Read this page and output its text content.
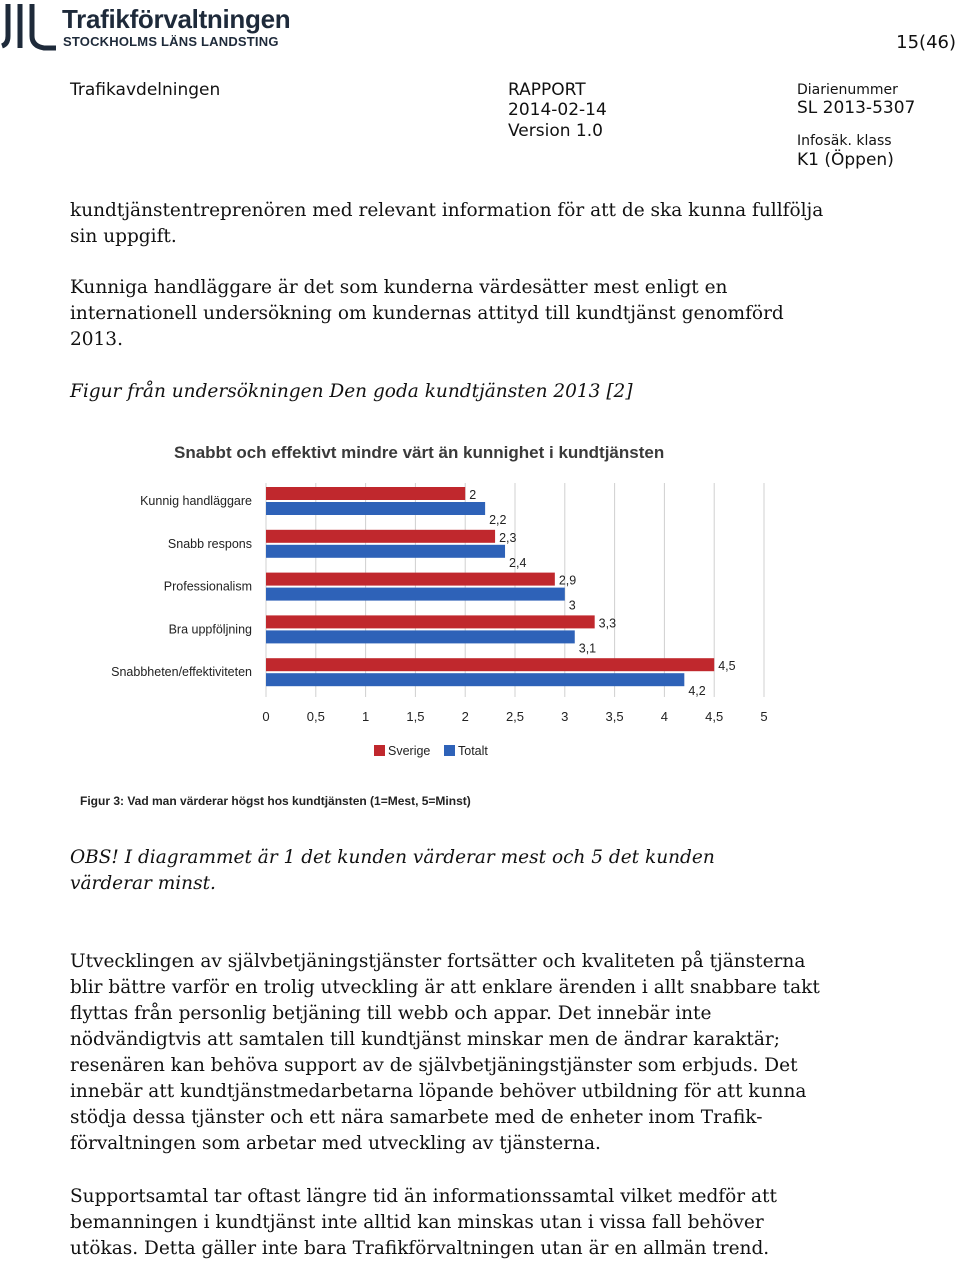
Trafikförvaltningen
STOCKHOLMS LÄNS LANDSTING	15(46)
Trafikavdelningen	RAPPORT
2014-02-14
Version 1.0
Diarienummer
SL 2013-5307
Infosäk. klass
K1 (Öppen)

kundtjänstentreprenören med relevant information för att de ska kunna fullfölja
sin uppgift.

Kunniga handläggare är det som kunderna värdesätter mest enligt en
internationell undersökning om kundernas attityd till kundtjänst genomförd
2013.

Figur från undersökningen Den goda kundtjänsten 2013 [2]

Snabbt och effektivt mindre värt än kunnighet i kundtjänsten
2
2,2
2,3
2,4
2,9
3
3,3
3,1
4,5
4,2
Kunnig handläggare
Snabb respons
Professionalism
Bra uppföljning
Snabbheten/effektiviteten
0	0,5	1	1,5	2	2,5	3	3,5	4	4,5	5
Sverige Totalt
Figur 3: Vad man värderar högst hos kundtjänsten (1=Mest, 5=Minst)

OBS! I diagrammet är 1 det kunden värderar mest och 5 det kunden
värderar minst.

Utvecklingen av självbetjäningstjänster fortsätter och kvaliteten på tjänsterna
blir bättre varför en trolig utveckling är att enklare ärenden i allt snabbare takt
flyttas från personlig betjäning till webb och appar. Det innebär inte
nödvändigtvis att samtalen till kundtjänst minskar men de ändrar karaktär;
resenären kan behöva support av de självbetjäningstjänster som erbjuds. Det
innebär att kundtjänstmedarbetarna löpande behöver utbildning för att kunna
stödja dessa tjänster och ett nära samarbete med de enheter inom Trafik-
förvaltningen som arbetar med utveckling av tjänsterna.

Supportsamtal tar oftast längre tid än informationssamtal vilket medför att
bemanningen i kundtjänst inte alltid kan minskas utan i vissa fall behöver
utökas. Detta gäller inte bara Trafikförvaltningen utan är en allmän trend.
